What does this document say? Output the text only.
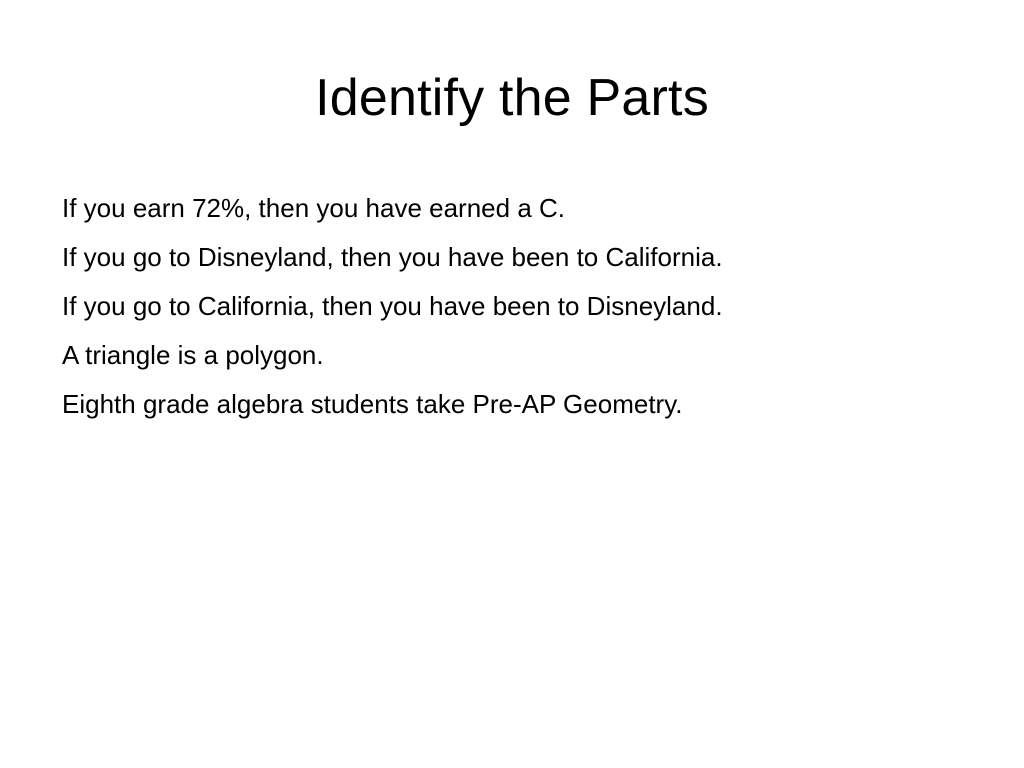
Identify the Parts
If you earn 72%, then you have earned a C.
If you go to Disneyland, then you have been to California.
If you go to California, then you have been to Disneyland.
A triangle is a polygon.
Eighth grade algebra students take Pre-AP Geometry.
